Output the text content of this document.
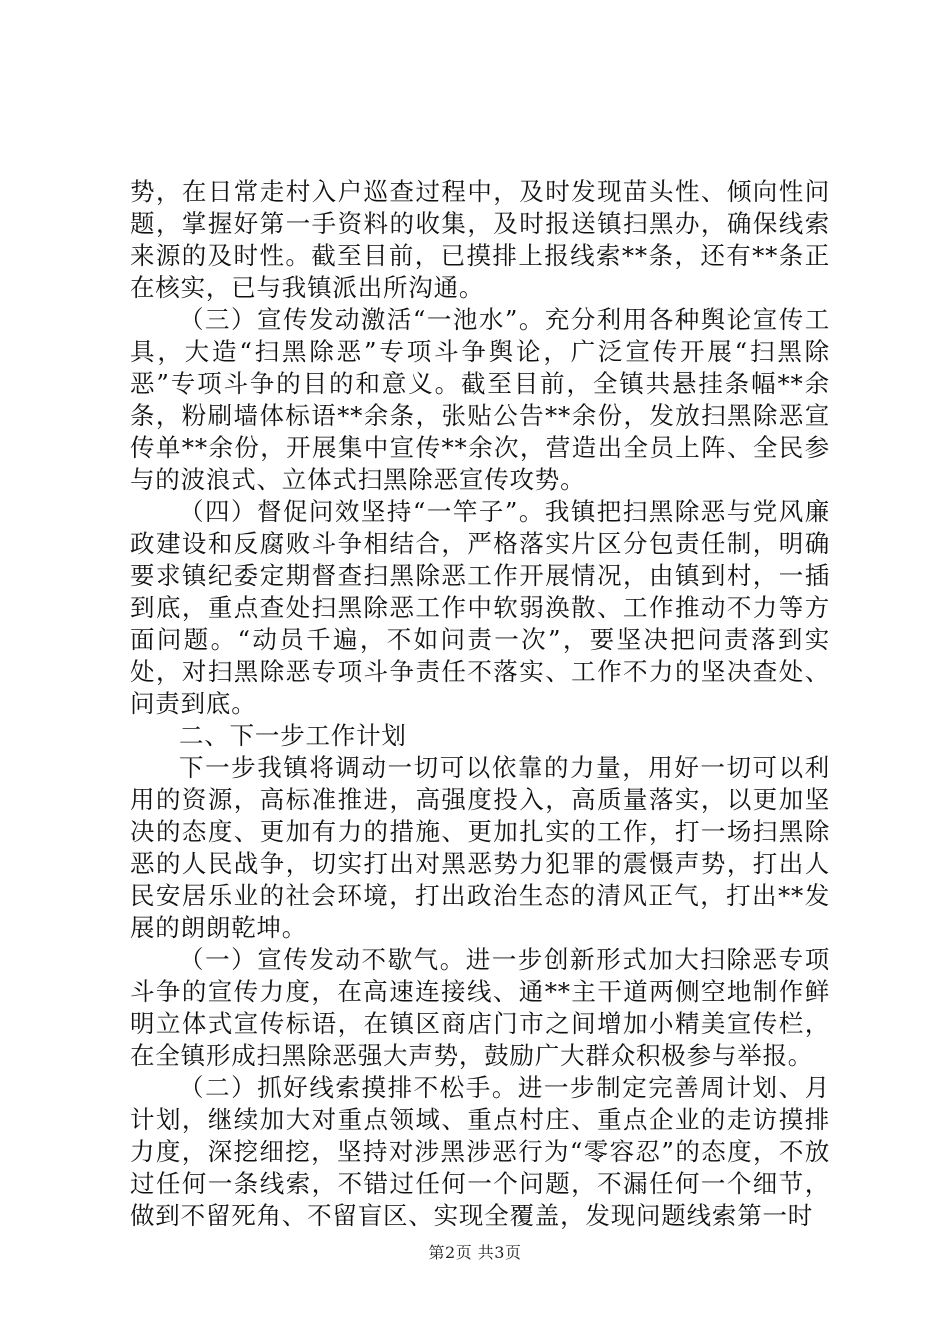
势，在日常走村入户巡查过程中，及时发现苗头性、倾向性问题，掌握好第一手资料的收集，及时报送镇扫黑办，确保线索来源的及时性。截至目前，已摸排上报线索**条，还有**条正在核实，已与我镇派出所沟通。

（三）宣传发动激活“一池水”。充分利用各种舆论宣传工具，大造“扫黑除恶”专项斗争舆论，广泛宣传开展“扫黑除恶”专项斗争的目的和意义。截至目前，全镇共悬挂条幅**余条，粉刷墙体标语**余条，张贴公告**余份，发放扫黑除恶宣传单**余份，开展集中宣传**余次，营造出全员上阵、全民参与的波浪式、立体式扫黑除恶宣传攻势。

（四）督促问效坚持“一竿子”。我镇把扫黑除恶与党风廉政建设和反腐败斗争相结合，严格落实片区分包责任制，明确要求镇纪委定期督查扫黑除恶工作开展情况，由镇到村，一插到底，重点查处扫黑除恶工作中软弱涣散、工作推动不力等方面问题。“动员千遍，不如问责一次”，要坚决把问责落到实处，对扫黑除恶专项斗争责任不落实、工作不力的坚决查处、问责到底。

二、下一步工作计划

下一步我镇将调动一切可以依靠的力量，用好一切可以利用的资源，高标准推进，高强度投入，高质量落实，以更加坚决的态度、更加有力的措施、更加扎实的工作，打一场扫黑除恶的人民战争，切实打出对黑恶势力犯罪的震慑声势，打出人民安居乐业的社会环境，打出政治生态的清风正气，打出**发展的朗朗乾坤。

（一）宣传发动不歇气。进一步创新形式加大扫除恶专项斗争的宣传力度，在高速连接线、通**主干道两侧空地制作鲜明立体式宣传标语，在镇区商店门市之间增加小精美宣传栏，在全镇形成扫黑除恶强大声势，鼓励广大群众积极参与举报。

（二）抓好线索摸排不松手。进一步制定完善周计划、月计划，继续加大对重点领域、重点村庄、重点企业的走访摸排力度，深挖细挖，坚持对涉黑涉恶行为“零容忍”的态度，不放过任何一条线索，不错过任何一个问题，不漏任何一个细节，做到不留死角、不留盲区、实现全覆盖，发现问题线索第一时

第2页 共3页
